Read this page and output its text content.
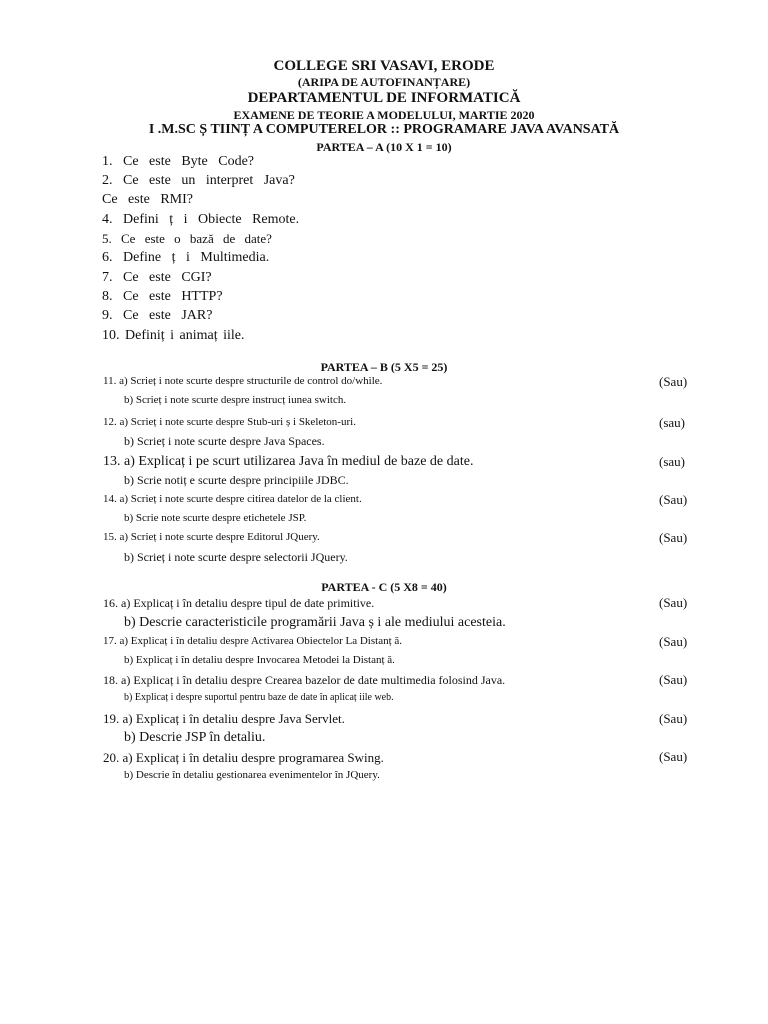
COLLEGE SRI VASAVI, ERODE
(ARIPA DE AUTOFINANȚARE)
DEPARTAMENTUL DE INFORMATICĂ
EXAMENE DE TEORIE A MODELULUI, MARTIE 2020
I .M.SC Ș TIINȚ A COMPUTERELOR :: PROGRAMARE JAVA AVANSATĂ
PARTEA – A (10 X 1 = 10)
1. Ce este Byte Code?
2. Ce este un interpret Java?
Ce este RMI?
4. Defini ț i Obiecte Remote.
5. Ce este o bază de date?
6. Define ț i Multimedia.
7. Ce este CGI?
8. Ce este HTTP?
9. Ce este JAR?
10. Definiț i animaț iile.
PARTEA – B (5 X5 = 25)
11. a) Scrieț i note scurte despre structurile de control do/while.	(Sau)
b) Scrieț i note scurte despre instrucț iunea switch.
12. a) Scrieț i note scurte despre Stub-uri ș i Skeleton-uri.	(sau)
b) Scrieț i note scurte despre Java Spaces.
13. a) Explicaț i pe scurt utilizarea Java în mediul de baze de date.	(sau)
b) Scrie notiț e scurte despre principiile JDBC.
14. a) Scrieț i note scurte despre citirea datelor de la client.	(Sau)
b) Scrie note scurte despre etichetele JSP.
15. a) Scrieț i note scurte despre Editorul JQuery.	(Sau)
b) Scrieț i note scurte despre selectorii JQuery.
PARTEA - C (5 X8 = 40)
16. a) Explicaț i în detaliu despre tipul de date primitive.	(Sau)
b) Descrie caracteristicile programării Java ș i ale mediului acesteia.
17. a) Explicaț i în detaliu despre Activarea Obiectelor La Distanț ă.	(Sau)
b) Explicaț i în detaliu despre Invocarea Metodei la Distanț ă.
18. a) Explicaț i în detaliu despre Crearea bazelor de date multimedia folosind Java.	(Sau)
b) Explicaț i despre suportul pentru baze de date în aplicaț iile web.
19. a) Explicaț i în detaliu despre Java Servlet.	(Sau)
b) Descrie JSP în detaliu.
20. a) Explicaț i în detaliu despre programarea Swing.	(Sau)
b) Descrie în detaliu gestionarea evenimentelor în JQuery.
